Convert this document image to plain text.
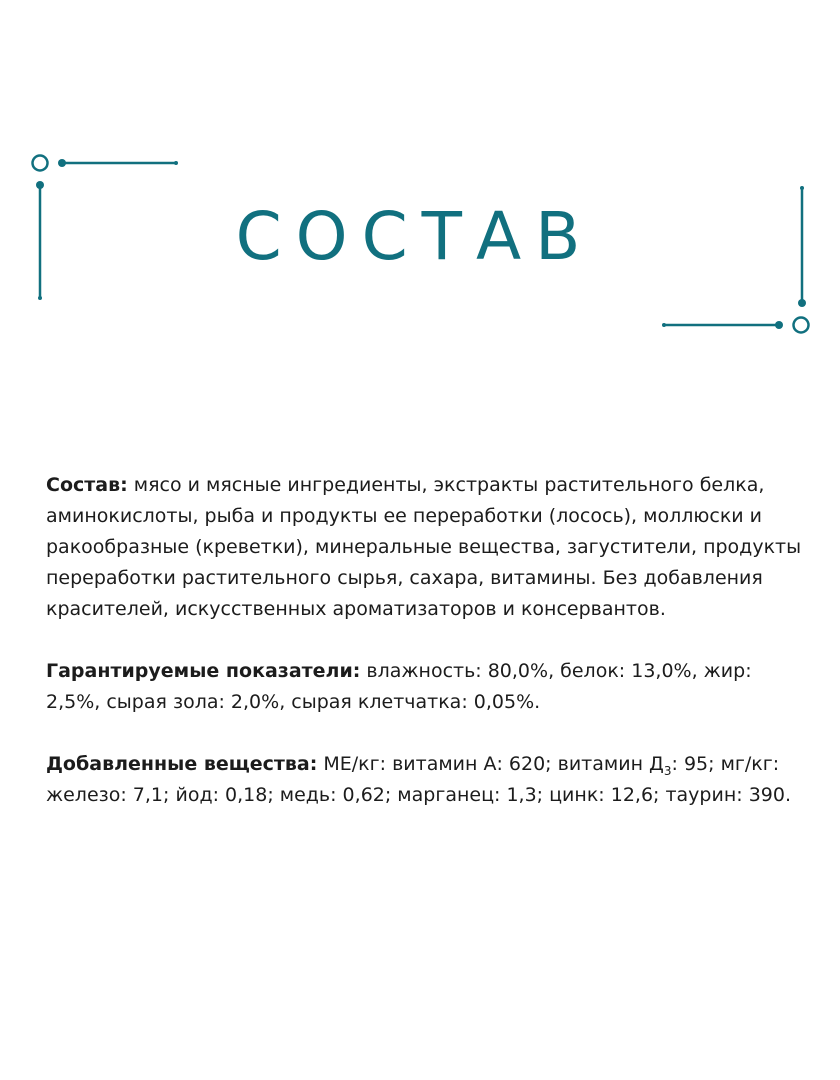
СОСТАВ

Состав: мясо и мясные ингредиенты, экстракты растительного белка, аминокислоты, рыба и продукты ее переработки (лосось), моллюски и ракообразные (креветки), минеральные вещества, загустители, продукты переработки растительного сырья, сахара, витамины. Без добавления красителей, искусственных ароматизаторов и консервантов.

Гарантируемые показатели: влажность: 80,0%, белок: 13,0%, жир: 2,5%, сырая зола: 2,0%, сырая клетчатка: 0,05%.

Добавленные вещества: МЕ/кг: витамин А: 620; витамин $Д_3$: 95; мг/кг: железо: 7,1; йод: 0,18; медь: 0,62; марганец: 1,3; цинк: 12,6; таурин: 390.
